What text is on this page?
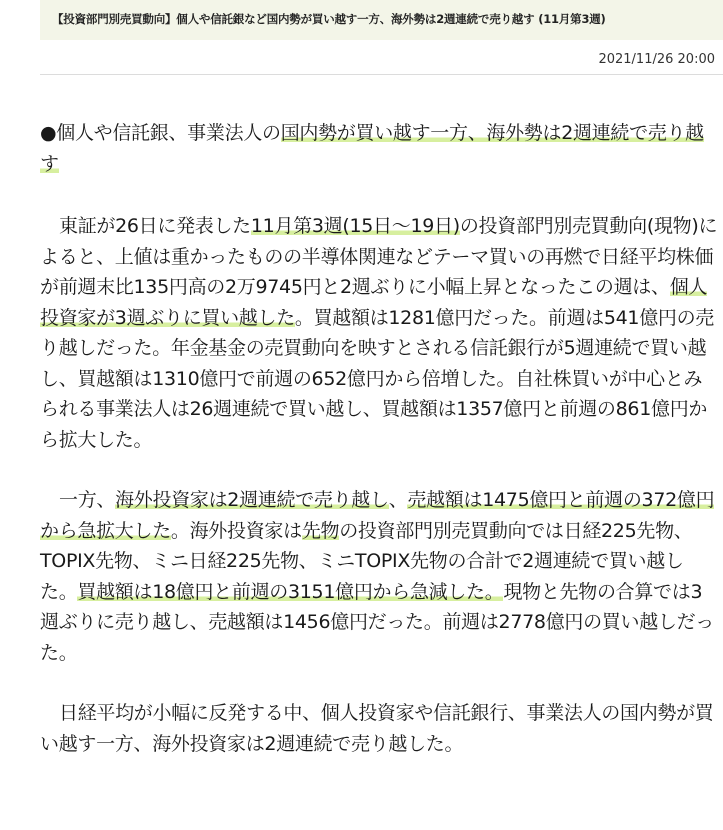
【投資部門別売買動向】個人や信託銀など国内勢が買い越す一方、海外勢は2週連続で売り越す (11月第3週)
2021/11/26 20:00

●個人や信託銀、事業法人の国内勢が買い越す一方、海外勢は2週連続で売り越す

東証が26日に発表した11月第3週(15日〜19日)の投資部門別売買動向(現物)によると、上値は重かったものの半導体関連などテーマ買いの再燃で日経平均株価が前週末比135円高の2万9745円と2週ぶりに小幅上昇となったこの週は、個人投資家が3週ぶりに買い越した。買越額は1281億円だった。前週は541億円の売り越しだった。年金基金の売買動向を映すとされる信託銀行が5週連続で買い越し、買越額は1310億円で前週の652億円から倍増した。自社株買いが中心とみられる事業法人は26週連続で買い越し、買越額は1357億円と前週の861億円から拡大した。

一方、海外投資家は2週連続で売り越し、売越額は1475億円と前週の372億円から急拡大した。海外投資家は先物の投資部門別売買動向では日経225先物、TOPIX先物、ミニ日経225先物、ミニTOPIX先物の合計で2週連続で買い越した。買越額は18億円と前週の3151億円から急減した。現物と先物の合算では3週ぶりに売り越し、売越額は1456億円だった。前週は2778億円の買い越しだった。

日経平均が小幅に反発する中、個人投資家や信託銀行、事業法人の国内勢が買い越す一方、海外投資家は2週連続で売り越した。
